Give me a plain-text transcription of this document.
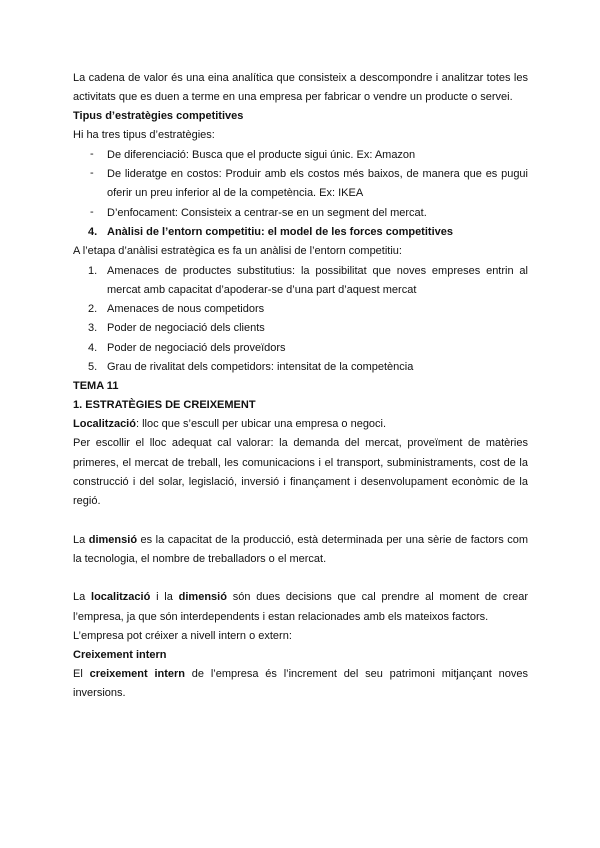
La cadena de valor és una eina analítica que consisteix a descompondre i analitzar totes les
activitats que es duen a terme en una empresa per fabricar o vendre un producte o servei.
Tipus d’estratègies competitives
Hi ha tres tipus d’estratègies:
- De diferenciació: Busca que el producte sigui únic. Ex: Amazon
- De lideratge en costos: Produir amb els costos més baixos, de manera que es pugui
oferir un preu inferior al de la competència. Ex: IKEA
- D’enfocament: Consisteix a centrar-se en un segment del mercat.
4. Anàlisi de l’entorn competitiu: el model de les forces competitives
A l’etapa d’anàlisi estratègica es fa un anàlisi de l’entorn competitiu:
1. Amenaces de productes substitutius: la possibilitat que noves empreses entrin al
mercat amb capacitat d’apoderar-se d’una part d’aquest mercat
2. Amenaces de nous competidors
3. Poder de negociació dels clients
4. Poder de negociació dels proveïdors
5. Grau de rivalitat dels competidors: intensitat de la competència
TEMA 11
1. ESTRATÈGIES DE CREIXEMENT
Localització: lloc que s’escull per ubicar una empresa o negoci.
Per escollir el lloc adequat cal valorar: la demanda del mercat, proveïment de matèries
primeres, el mercat de treball, les comunicacions i el transport, subministraments, cost de la
construcció i del solar, legislació, inversió i finançament i desenvolupament econòmic de la
regió.
La dimensió es la capacitat de la producció, està determinada per una sèrie de factors com
la tecnologia, el nombre de treballadors o el mercat.
La localització i la dimensió són dues decisions que cal prendre al moment de crear
l’empresa, ja que són interdependents i estan relacionades amb els mateixos factors.
L’empresa pot créixer a nivell intern o extern:
Creixement intern
El creixement intern de l’empresa és l’increment del seu patrimoni mitjançant noves
inversions.
